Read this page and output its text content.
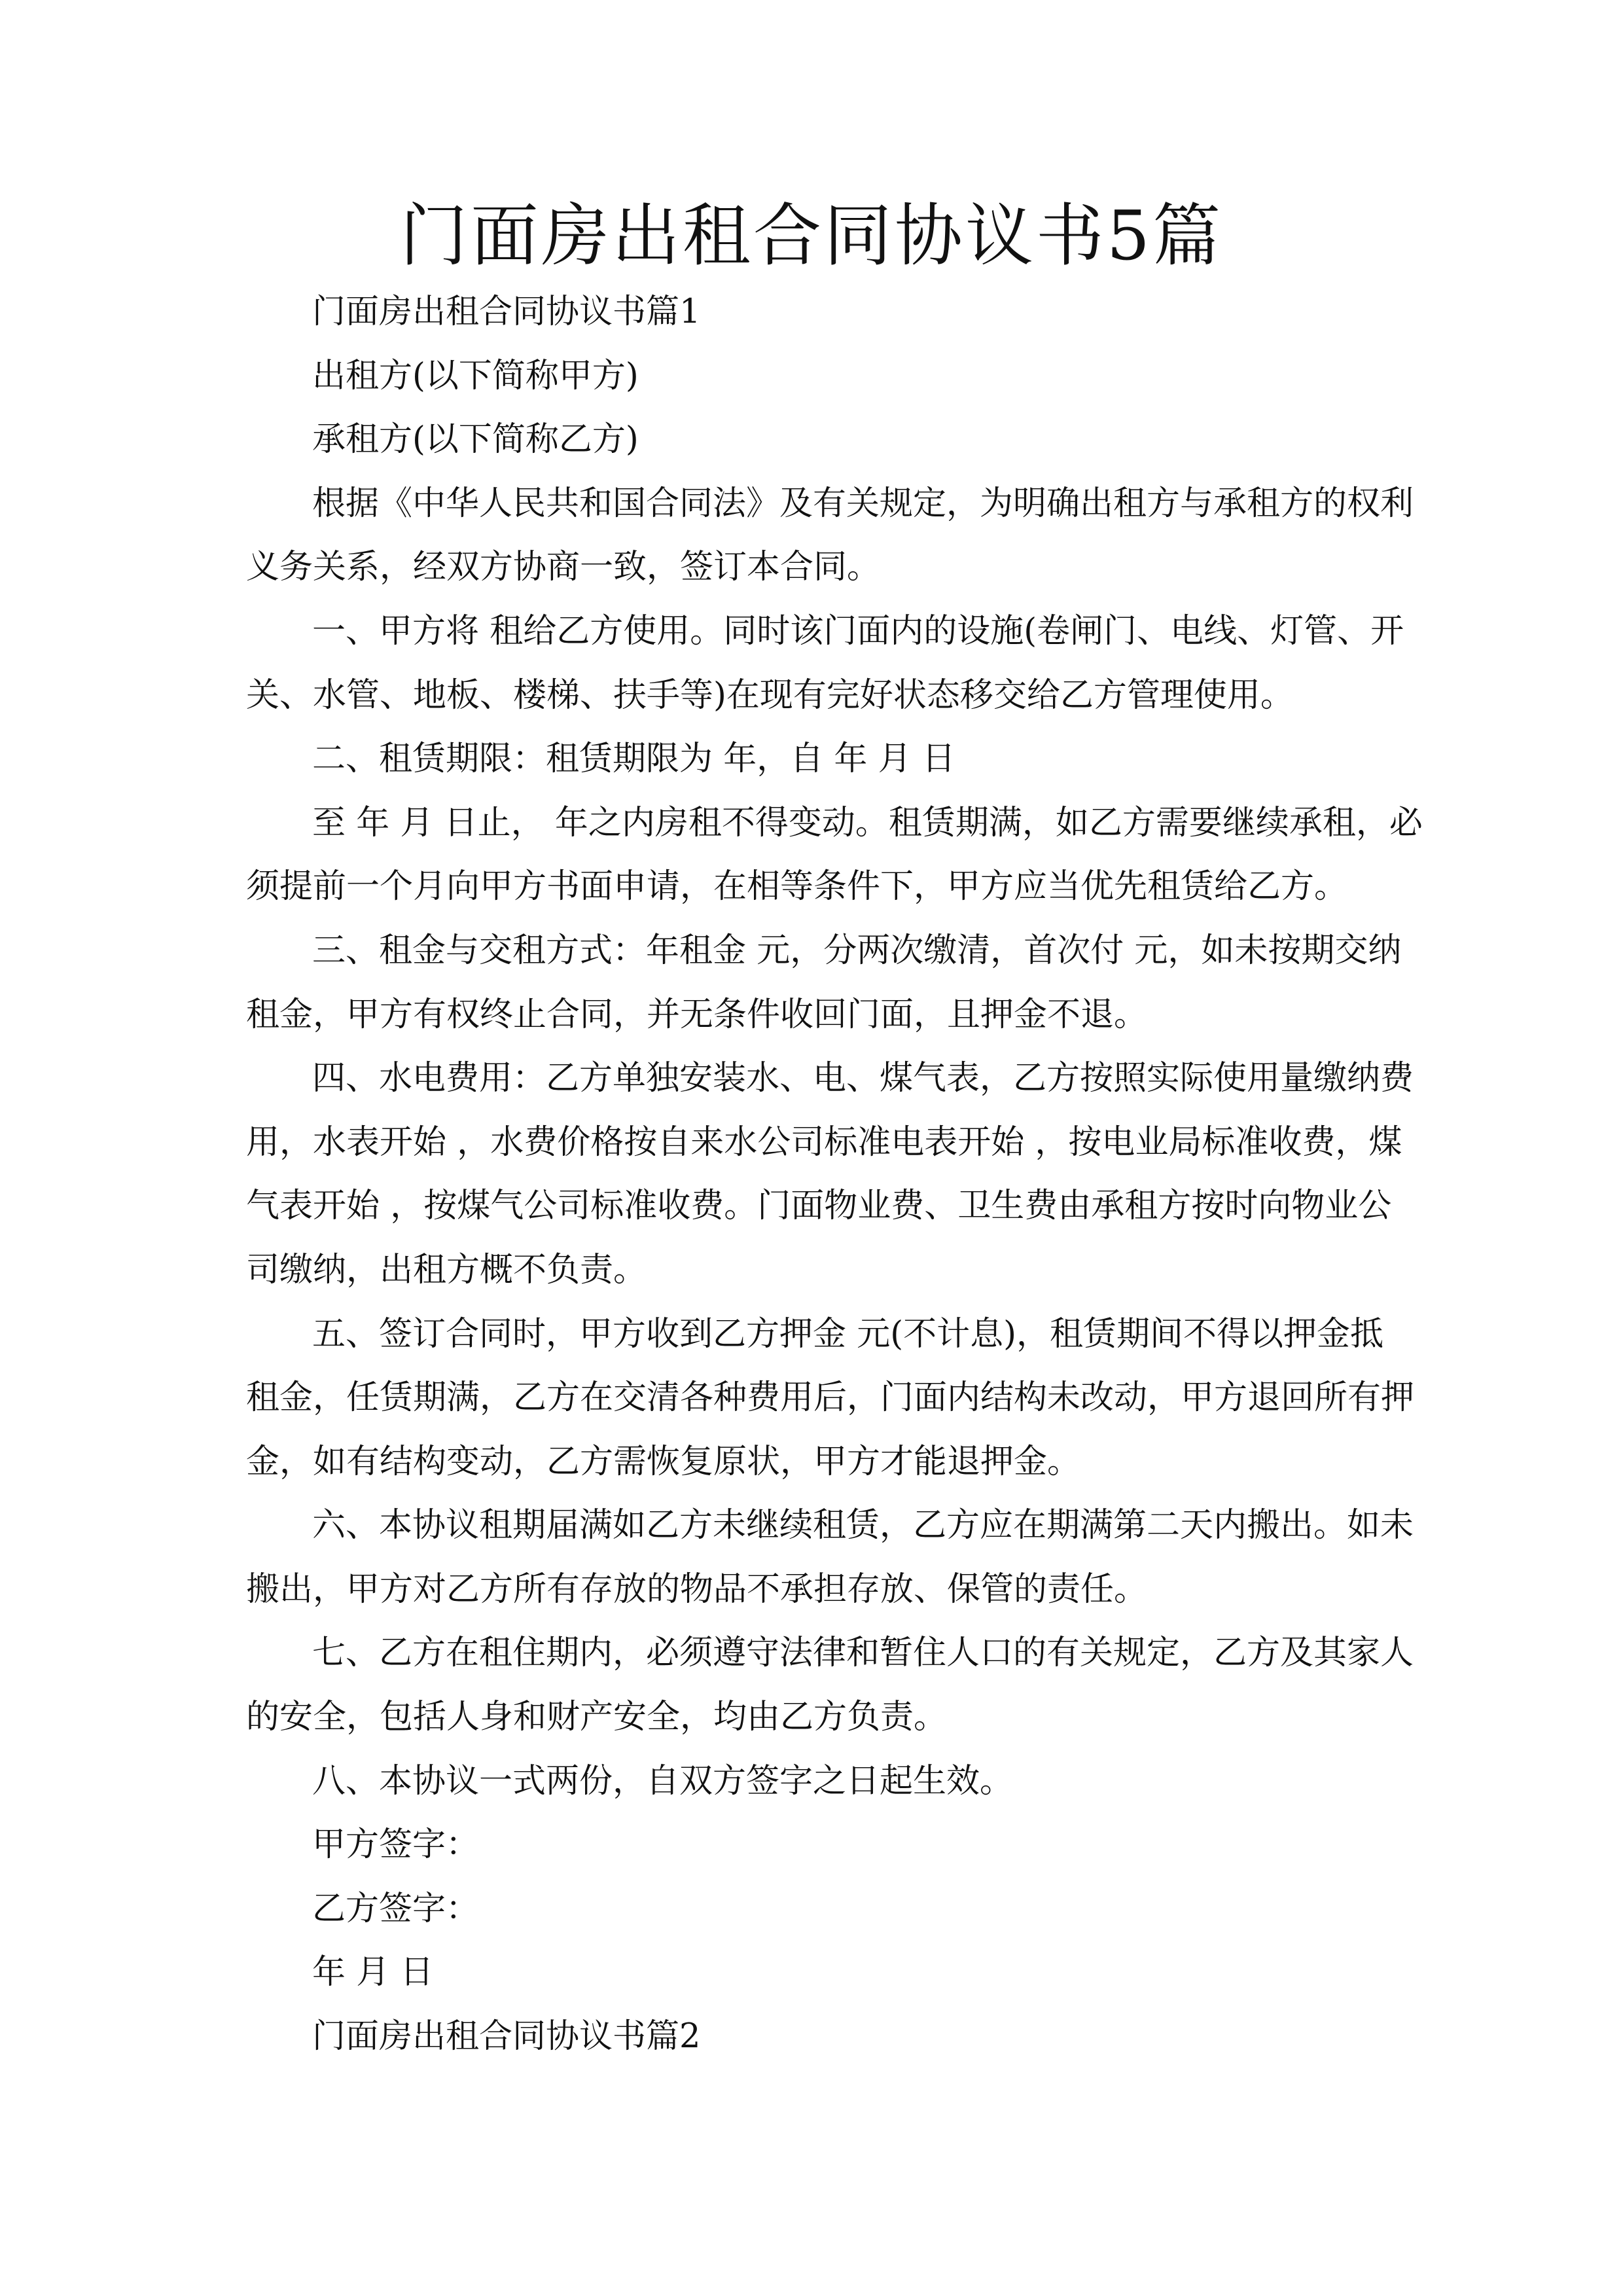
门面房出租合同协议书5篇
门面房出租合同协议书篇1
出租方(以下简称甲方)
承租方(以下简称乙方)
根据《中华人民共和国合同法》及有关规定，为明确出租方与承租方的权利
义务关系，经双方协商一致，签订本合同。
一、甲方将 租给乙方使用。同时该门面内的设施(卷闸门、电线、灯管、开
关、水管、地板、楼梯、扶手等)在现有完好状态移交给乙方管理使用。
二、租赁期限：租赁期限为 年，自 年 月 日
至 年 月 日止， 年之内房租不得变动。租赁期满，如乙方需要继续承租，必
须提前一个月向甲方书面申请，在相等条件下，甲方应当优先租赁给乙方。
三、租金与交租方式：年租金 元，分两次缴清，首次付 元，如未按期交纳
租金，甲方有权终止合同，并无条件收回门面，且押金不退。
四、水电费用：乙方单独安装水、电、煤气表，乙方按照实际使用量缴纳费
用，水表开始 ，水费价格按自来水公司标准电表开始 ，按电业局标准收费，煤
气表开始 ，按煤气公司标准收费。门面物业费、卫生费由承租方按时向物业公
司缴纳，出租方概不负责。
五、签订合同时，甲方收到乙方押金 元(不计息)，租赁期间不得以押金抵
租金，任赁期满，乙方在交清各种费用后，门面内结构未改动，甲方退回所有押
金，如有结构变动，乙方需恢复原状，甲方才能退押金。
六、本协议租期届满如乙方未继续租赁，乙方应在期满第二天内搬出。如未
搬出，甲方对乙方所有存放的物品不承担存放、保管的责任。
七、乙方在租住期内，必须遵守法律和暂住人口的有关规定，乙方及其家人
的安全，包括人身和财产安全，均由乙方负责。
八、本协议一式两份，自双方签字之日起生效。
甲方签字：
乙方签字：
年 月 日
门面房出租合同协议书篇2
